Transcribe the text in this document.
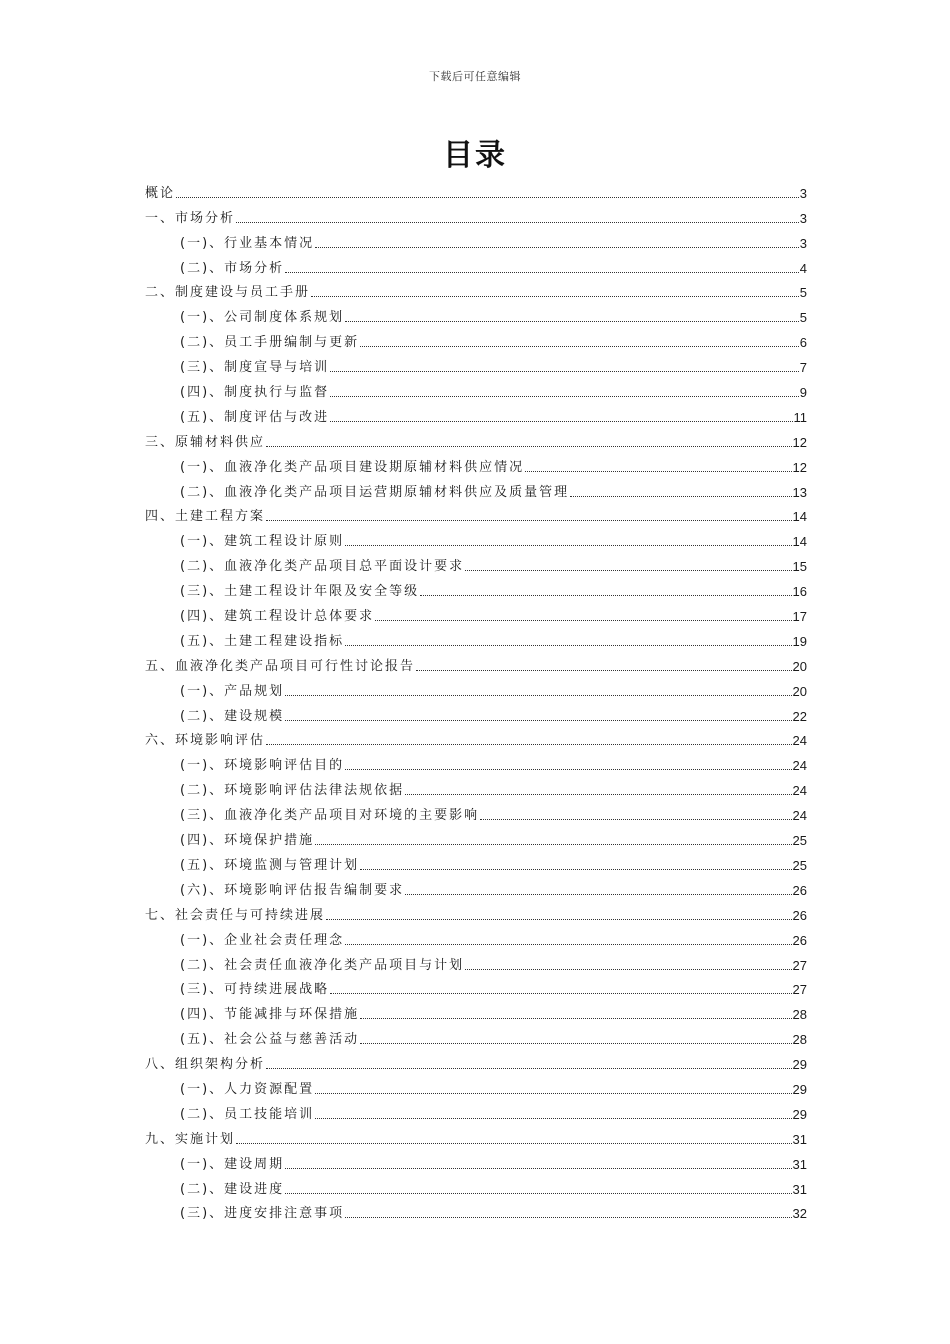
下载后可任意编辑
目录
概论	3
一、市场分析	3
(一)、行业基本情况	3
(二)、市场分析	4
二、制度建设与员工手册	5
(一)、公司制度体系规划	5
(二)、员工手册编制与更新	6
(三)、制度宣导与培训	7
(四)、制度执行与监督	9
(五)、制度评估与改进	11
三、原辅材料供应	12
(一)、血液净化类产品项目建设期原辅材料供应情况	12
(二)、血液净化类产品项目运营期原辅材料供应及质量管理	13
四、土建工程方案	14
(一)、建筑工程设计原则	14
(二)、血液净化类产品项目总平面设计要求	15
(三)、土建工程设计年限及安全等级	16
(四)、建筑工程设计总体要求	17
(五)、土建工程建设指标	19
五、血液净化类产品项目可行性讨论报告	20
(一)、产品规划	20
(二)、建设规模	22
六、环境影响评估	24
(一)、环境影响评估目的	24
(二)、环境影响评估法律法规依据	24
(三)、血液净化类产品项目对环境的主要影响	24
(四)、环境保护措施	25
(五)、环境监测与管理计划	25
(六)、环境影响评估报告编制要求	26
七、社会责任与可持续进展	26
(一)、企业社会责任理念	26
(二)、社会责任血液净化类产品项目与计划	27
(三)、可持续进展战略	27
(四)、节能减排与环保措施	28
(五)、社会公益与慈善活动	28
八、组织架构分析	29
(一)、人力资源配置	29
(二)、员工技能培训	29
九、实施计划	31
(一)、建设周期	31
(二)、建设进度	31
(三)、进度安排注意事项	32
